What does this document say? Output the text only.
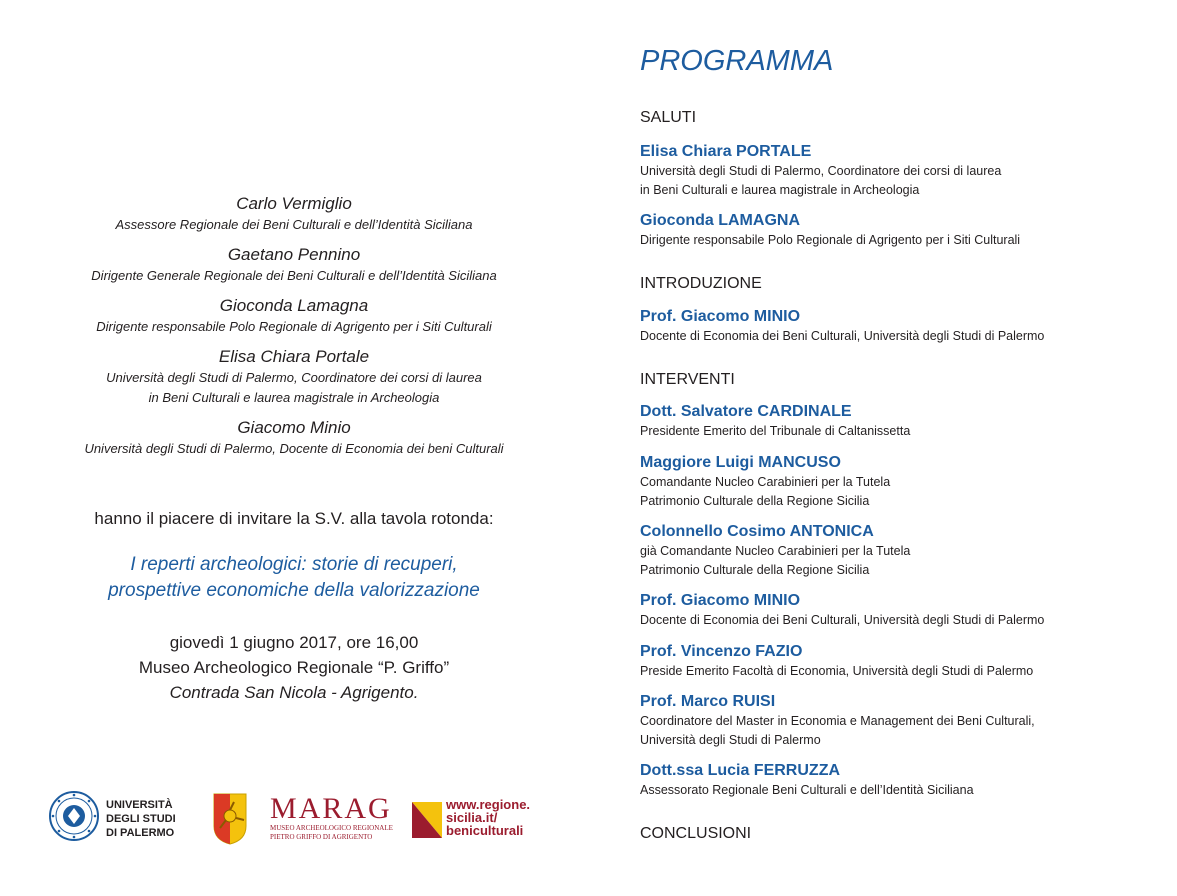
Carlo Vermiglio
Assessore Regionale dei Beni Culturali e dell’Identità Siciliana
Gaetano Pennino
Dirigente Generale Regionale dei Beni Culturali e dell’Identità Siciliana
Gioconda Lamagna
Dirigente responsabile Polo Regionale di Agrigento per i Siti Culturali
Elisa Chiara Portale
Università degli Studi di Palermo, Coordinatore dei corsi di laurea
in Beni Culturali e laurea magistrale in Archeologia
Giacomo Minio
Università degli Studi di Palermo, Docente di Economia dei beni Culturali
hanno il piacere di invitare la S.V. alla tavola rotonda:
I reperti archeologici: storie di recuperi,
prospettive economiche della valorizzazione
giovedì 1 giugno 2017, ore 16,00
Museo Archeologico Regionale “P. Griffo”
Contrada San Nicola - Agrigento.
UNIVERSITÀ
DEGLI STUDI
DI PALERMO
MARAG
MUSEO ARCHEOLOGICO REGIONALE
PIETRO GRIFFO DI AGRIGENTO
www.regione.
sicilia.it/
beniculturali
PROGRAMMA
SALUTI
Elisa Chiara PORTALE
Università degli Studi di Palermo, Coordinatore dei corsi di laurea
in Beni Culturali e laurea magistrale in Archeologia
Gioconda LAMAGNA
Dirigente responsabile Polo Regionale di Agrigento per i Siti Culturali
INTRODUZIONE
Prof. Giacomo MINIO
Docente di Economia dei Beni Culturali, Università degli Studi di Palermo
INTERVENTI
Dott. Salvatore CARDINALE
Presidente Emerito del Tribunale di Caltanissetta
Maggiore Luigi MANCUSO
Comandante Nucleo Carabinieri per la Tutela
Patrimonio Culturale della Regione Sicilia
Colonnello Cosimo ANTONICA
già Comandante Nucleo Carabinieri per la Tutela
Patrimonio Culturale della Regione Sicilia
Prof. Giacomo MINIO
Docente di Economia dei Beni Culturali, Università degli Studi di Palermo
Prof. Vincenzo FAZIO
Preside Emerito Facoltà di Economia, Università degli Studi di Palermo
Prof. Marco RUISI
Coordinatore del Master in Economia e Management dei Beni Culturali,
Università degli Studi di Palermo
Dott.ssa Lucia FERRUZZA
Assessorato Regionale Beni Culturali e dell’Identità Siciliana
CONCLUSIONI
